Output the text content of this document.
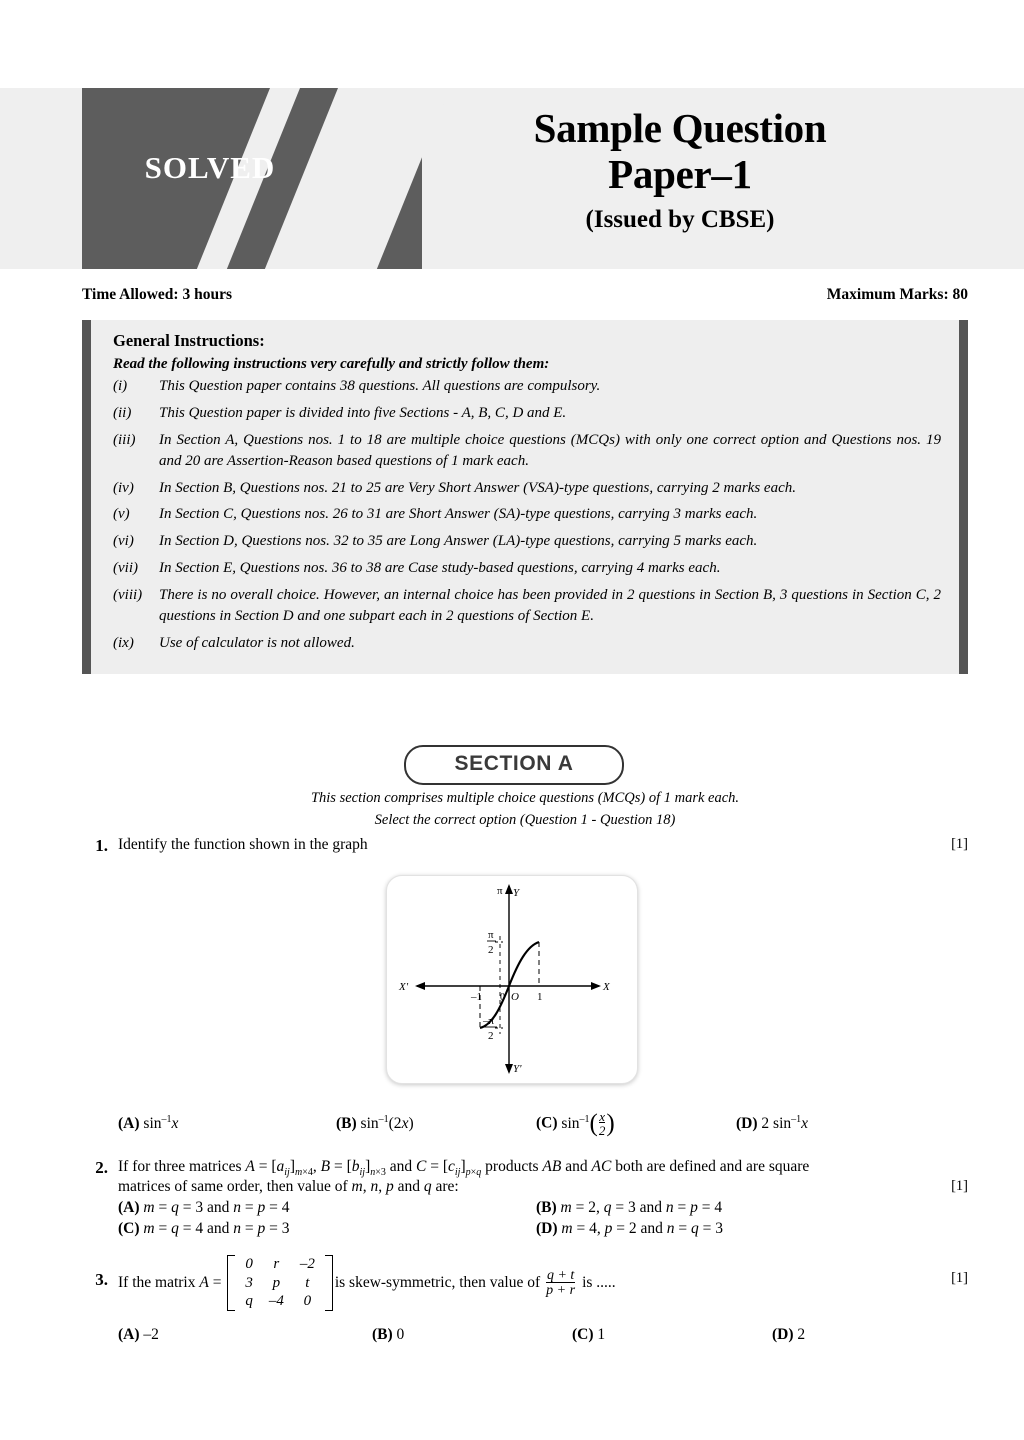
SOLVED
Sample Question
Paper–1
(Issued by CBSE)
Time Allowed: 3 hours	Maximum Marks: 80
General Instructions:
Read the following instructions very carefully and strictly follow them:
(i)	This Question paper contains 38 questions. All questions are compulsory.
(ii)	This Question paper is divided into five Sections - A, B, C, D and E.
(iii)	In Section A, Questions nos. 1 to 18 are multiple choice questions (MCQs) with only one correct option and Questions nos. 19 and 20 are Assertion-Reason based questions of 1 mark each.
(iv)	In Section B, Questions nos. 21 to 25 are Very Short Answer (VSA)-type questions, carrying 2 marks each.
(v)	In Section C, Questions nos. 26 to 31 are Short Answer (SA)-type questions, carrying 3 marks each.
(vi)	In Section D, Questions nos. 32 to 35 are Long Answer (LA)-type questions, carrying 5 marks each.
(vii)	In Section E, Questions nos. 36 to 38 are Case study-based questions, carrying 4 marks each.
(viii)	There is no overall choice. However, an internal choice has been provided in 2 questions in Section B, 3 questions in Section C, 2 questions in Section D and one subpart each in 2 questions of Section E.
(ix)	Use of calculator is not allowed.
SECTION A
This section comprises multiple choice questions (MCQs) of 1 mark each.
Select the correct option (Question 1 - Question 18)
1. Identify the function shown in the graph	[1]
Y
Y'
X
X'
π
π
2
–π
2
–1 0 O 1
(A) $\sin^{-1}x$	(B) $\sin^{-1}(2x)$	(C) $\sin^{-1}(\frac{x}{2})$	(D) 2 $\sin^{-1}x$
2. If for three matrices $A = [a_{ij}]_{m\times 4}$, $B = [b_{ij}]_{n\times 3}$ and $C = [c_{ij}]_{p\times q}$ products AB and AC both are defined and are square
matrices of same order, then value of m, n, p and q are:	[1]
(A) m = q = 3 and n = p = 4	(B) m = 2, q = 3 and n = p = 4
(C) m = q = 4 and n = p = 3	(D) m = 4, p = 2 and n = q = 3
3. If the matrix A =
0	r	–2
3	p	t
q	–4	0
is skew-symmetric, then value of $\frac{q + t}{p + r}$ is .....	[1]
(A) –2	(B) 0	(C) 1	(D) 2
